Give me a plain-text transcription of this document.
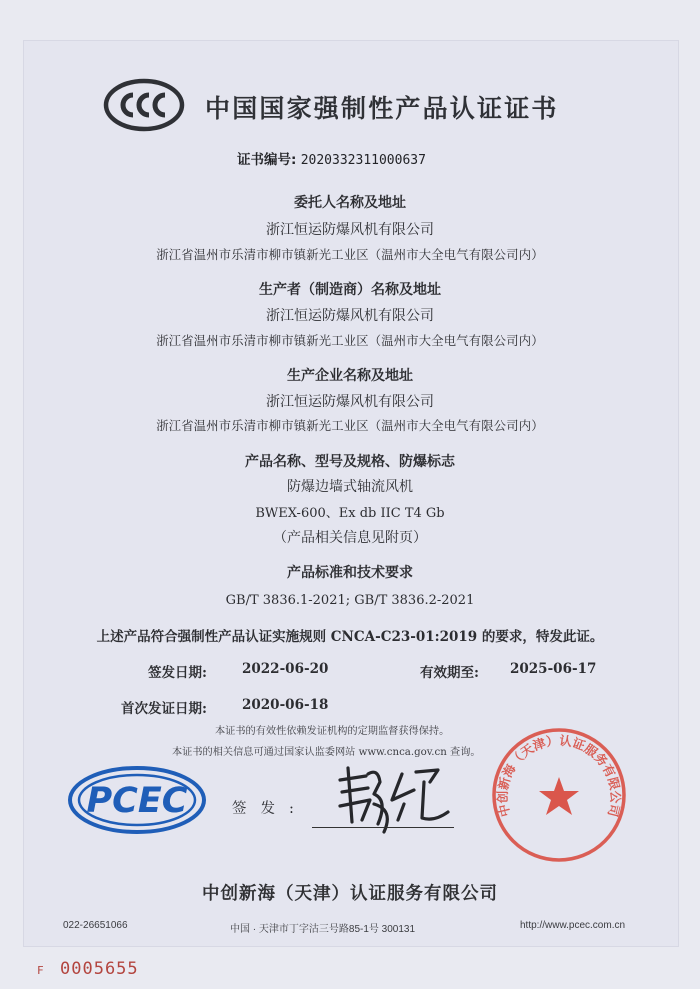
中国国家强制性产品认证证书
证书编号: 2020332311000637
委托人名称及地址
浙江恒运防爆风机有限公司
浙江省温州市乐清市柳市镇新光工业区（温州市大全电气有限公司内）
生产者（制造商）名称及地址
浙江恒运防爆风机有限公司
浙江省温州市乐清市柳市镇新光工业区（温州市大全电气有限公司内）
生产企业名称及地址
浙江恒运防爆风机有限公司
浙江省温州市乐清市柳市镇新光工业区（温州市大全电气有限公司内）
产品名称、型号及规格、防爆标志
防爆边墙式轴流风机
BWEX-600、Ex db IIC T4 Gb
（产品相关信息见附页）
产品标准和技术要求
GB/T 3836.1-2021; GB/T 3836.2-2021
上述产品符合强制性产品认证实施规则 CNCA-C23-01:2019 的要求，特发此证。
签发日期:	2022-06-20	有效期至: 2025-06-17
首次发证日期:	2020-06-18
本证书的有效性依赖发证机构的定期监督获得保持。
本证书的相关信息可通过国家认监委网站 www.cnca.gov.cn 查询。
PCEC	签发:	中创新海（天津）认证服务有限公司
中创新海（天津）认证服务有限公司
022-26651066	中国 · 天津市丁字沽三号路85-1号 300131	http://www.pcec.com.cn
F 0005655
